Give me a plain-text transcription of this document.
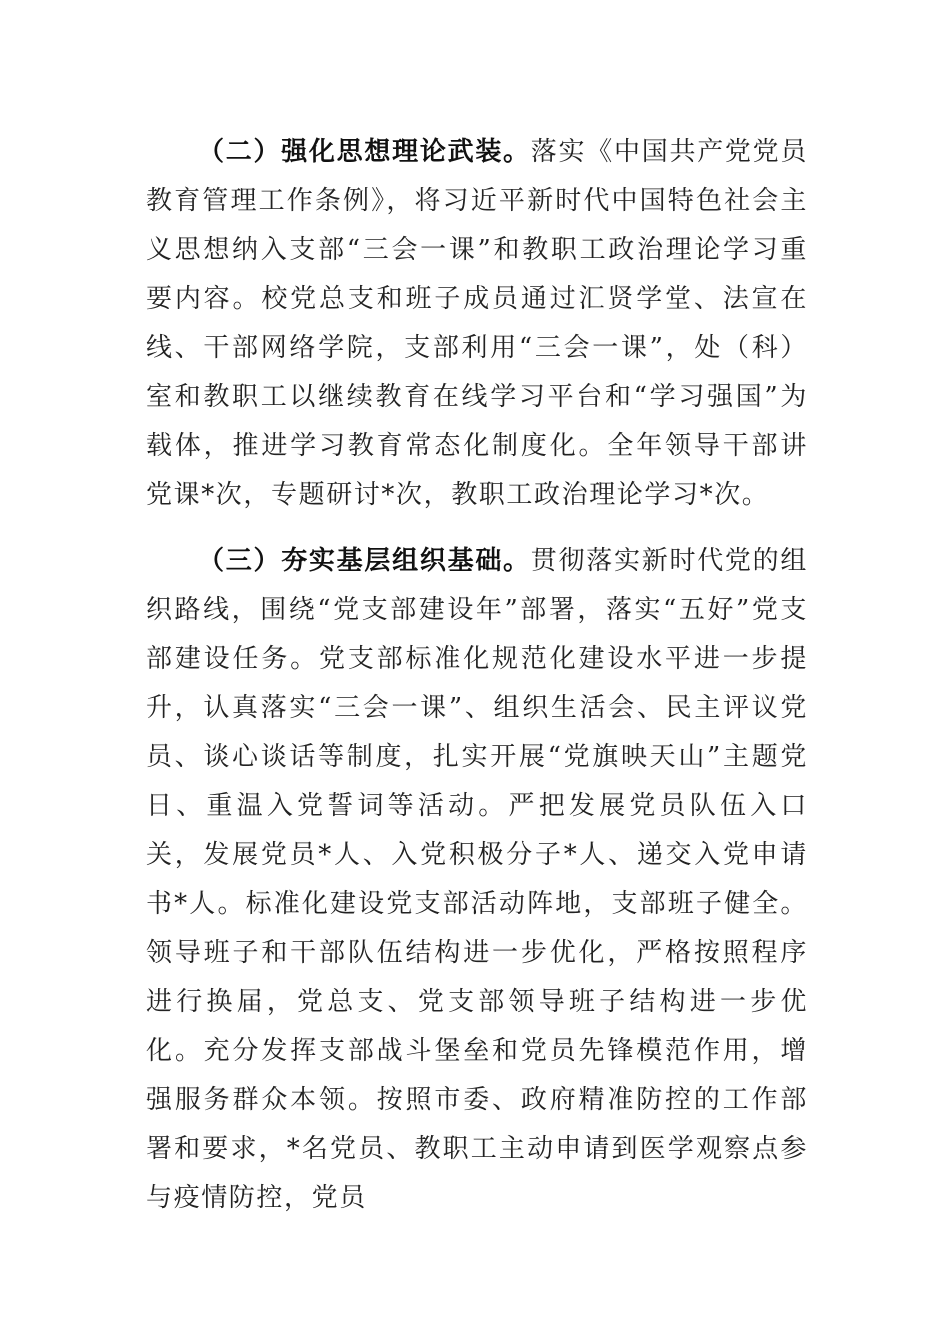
（二）强化思想理论武装。落实《中国共产党党员教育管理工作条例》，将习近平新时代中国特色社会主义思想纳入支部“三会一课”和教职工政治理论学习重要内容。校党总支和班子成员通过汇贤学堂、法宣在线、干部网络学院，支部利用“三会一课”，处（科）室和教职工以继续教育在线学习平台和“学习强国”为载体，推进学习教育常态化制度化。全年领导干部讲党课*次，专题研讨*次，教职工政治理论学习*次。

（三）夯实基层组织基础。贯彻落实新时代党的组织路线，围绕“党支部建设年”部署，落实“五好”党支部建设任务。党支部标准化规范化建设水平进一步提升，认真落实“三会一课”、组织生活会、民主评议党员、谈心谈话等制度，扎实开展“党旗映天山”主题党日、重温入党誓词等活动。严把发展党员队伍入口关，发展党员*人、入党积极分子*人、递交入党申请书*人。标准化建设党支部活动阵地，支部班子健全。领导班子和干部队伍结构进一步优化，严格按照程序进行换届，党总支、党支部领导班子结构进一步优化。充分发挥支部战斗堡垒和党员先锋模范作用，增强服务群众本领。按照市委、政府精准防控的工作部署和要求，*名党员、教职工主动申请到医学观察点参与疫情防控，党员
